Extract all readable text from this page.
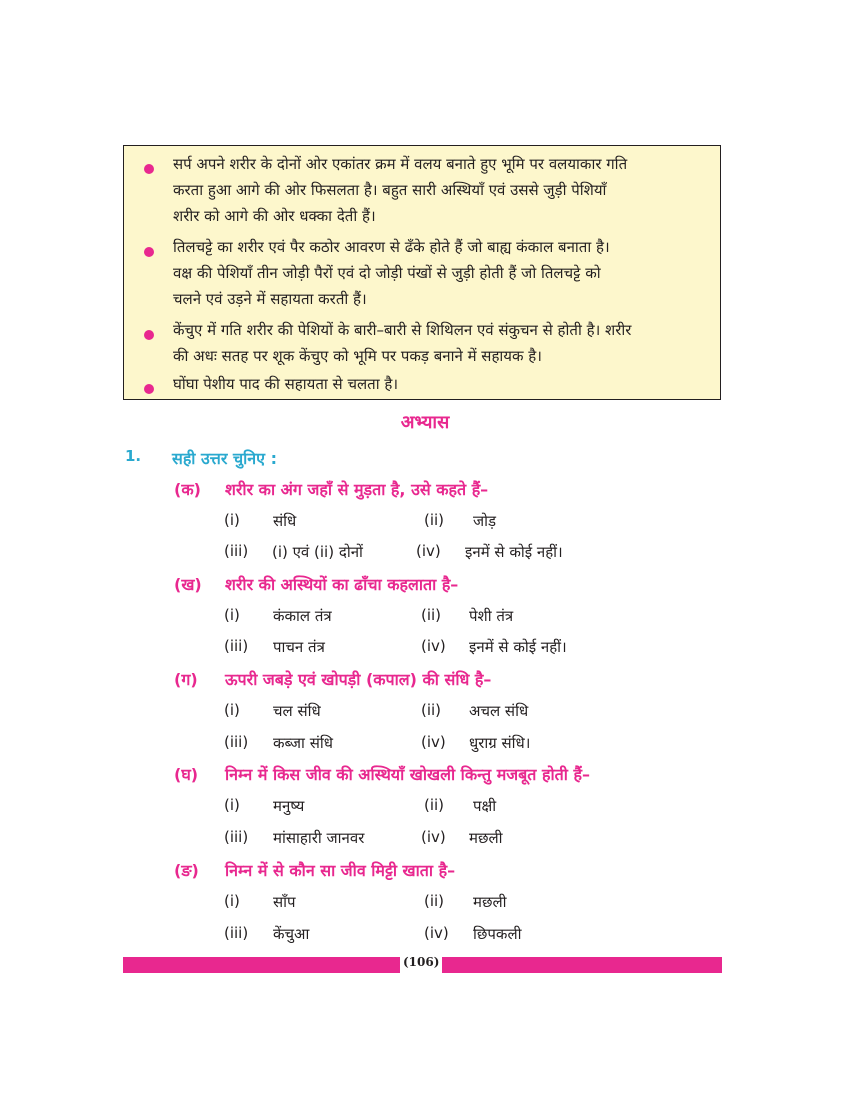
सर्प अपने शरीर के दोनों ओर एकांतर क्रम में वलय बनाते हुए भूमि पर वलयाकार गति
करता हुआ आगे की ओर फिसलता है। बहुत सारी अस्थियाँ एवं उससे जुड़ी पेशियाँ
शरीर को आगे की ओर धक्का देती हैं।
तिलचट्टे का शरीर एवं पैर कठोर आवरण से ढँके होते हैं जो बाह्य कंकाल बनाता है।
वक्ष की पेशियाँ तीन जोड़ी पैरों एवं दो जोड़ी पंखों से जुड़ी होती हैं जो तिलचट्टे को
चलने एवं उड़ने में सहायता करती हैं।
केंचुए में गति शरीर की पेशियों के बारी–बारी से शिथिलन एवं संकुचन से होती है। शरीर
की अधः सतह पर शूक केंचुए को भूमि पर पकड़ बनाने में सहायक है।
घोंघा पेशीय पाद की सहायता से चलता है।
अभ्यास
1. सही उत्तर चुनिए :
(क) शरीर का अंग जहाँ से मुड़ता है, उसे कहते हैं–
(i) संधि	(ii) जोड़
(iii) (i) एवं (ii) दोनों	(iv) इनमें से कोई नहीं।
(ख) शरीर की अस्थियों का ढाँचा कहलाता है–
(i) कंकाल तंत्र	(ii) पेशी तंत्र
(iii) पाचन तंत्र	(iv) इनमें से कोई नहीं।
(ग) ऊपरी जबड़े एवं खोपड़ी (कपाल) की संधि है–
(i) चल संधि	(ii) अचल संधि
(iii) कब्जा संधि	(iv) धुराग्र संधि।
(घ) निम्न में किस जीव की अस्थियाँ खोखली किन्तु मजबूत होती हैं–
(i) मनुष्य	(ii) पक्षी
(iii) मांसाहारी जानवर	(iv) मछली
(ङ) निम्न में से कौन सा जीव मिट्टी खाता है–
(i) साँप	(ii) मछली
(iii) केंचुआ	(iv) छिपकली
(106)
